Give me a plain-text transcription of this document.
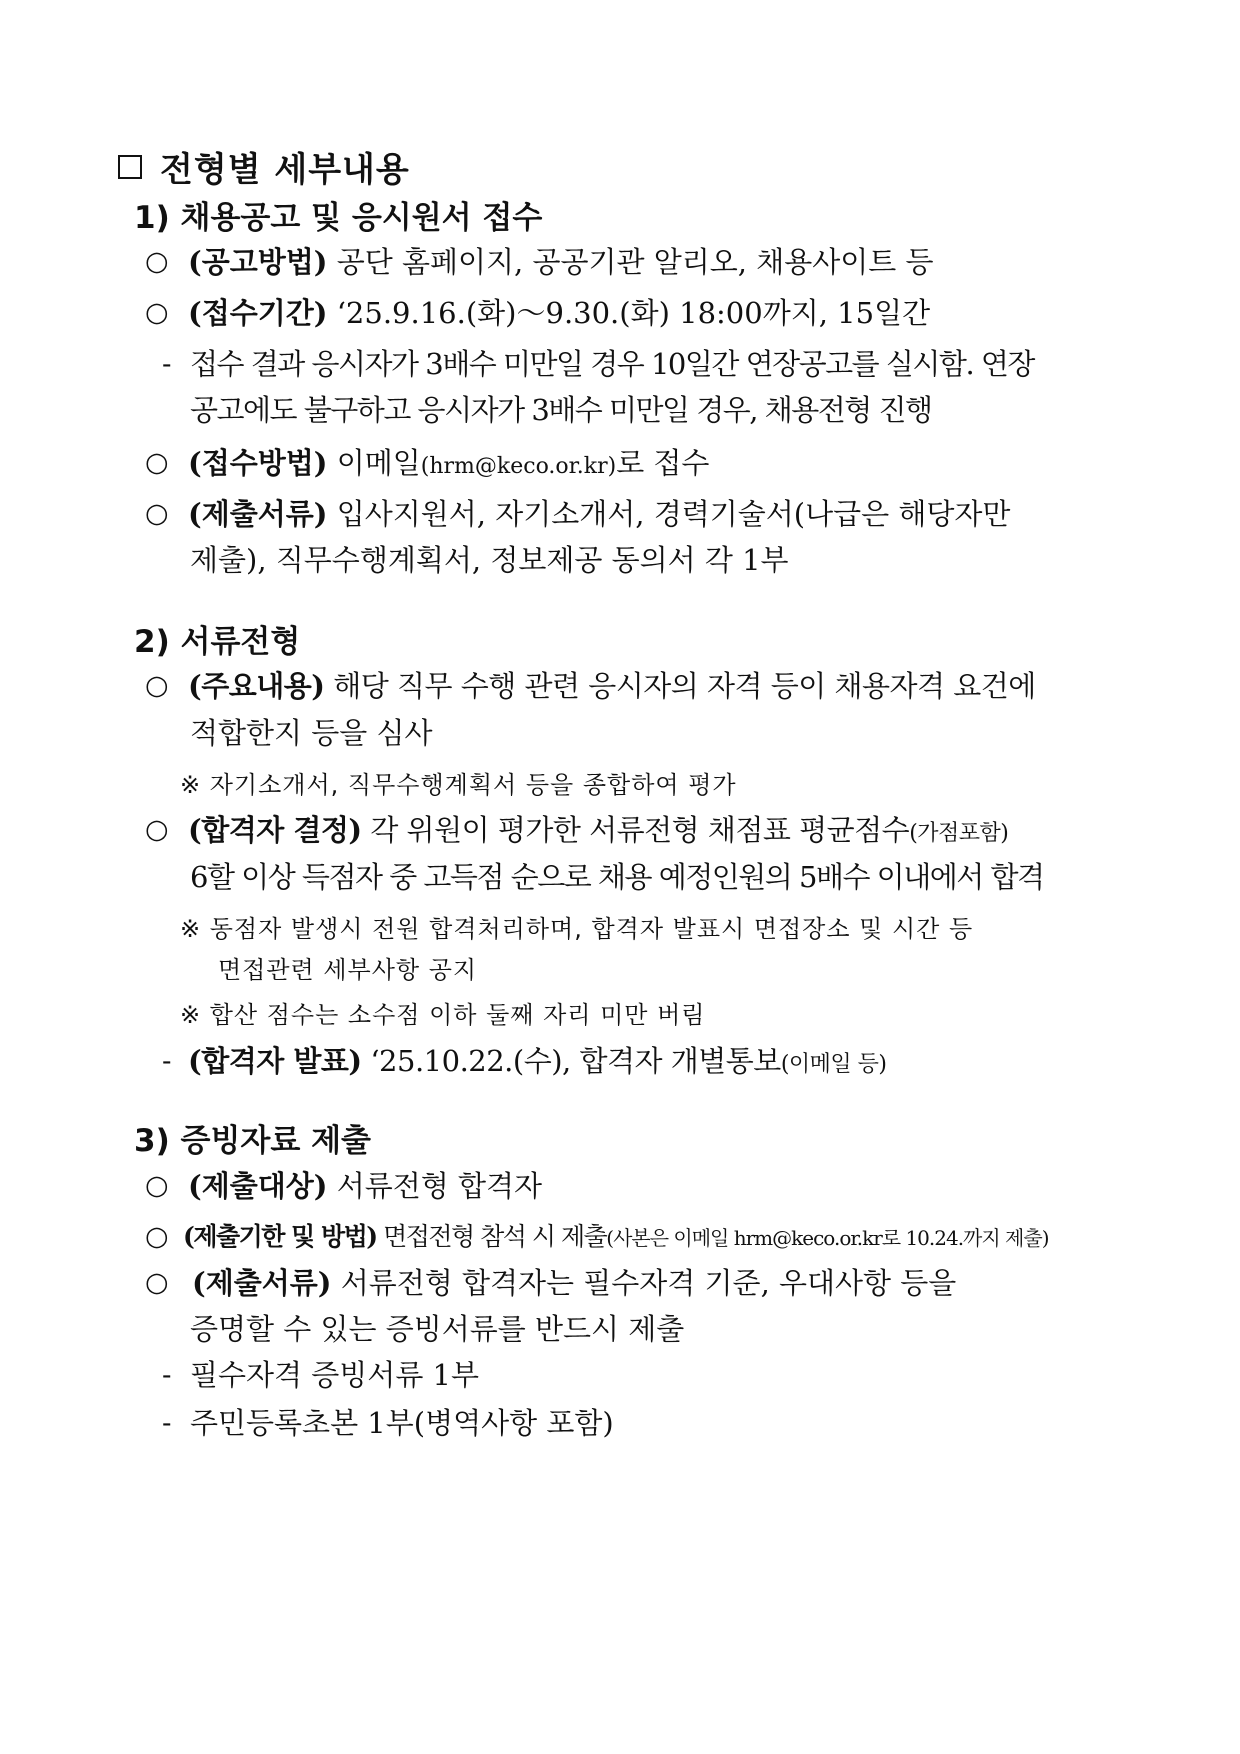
전형별 세부내용
1) 채용공고 및 응시원서 접수
○ (공고방법) 공단 홈페이지, 공공기관 알리오, 채용사이트 등
○ (접수기간) ‘25.9.16.(화)～9.30.(화) 18:00까지, 15일간
- 접수 결과 응시자가 3배수 미만일 경우 10일간 연장공고를 실시함. 연장
공고에도 불구하고 응시자가 3배수 미만일 경우, 채용전형 진행
○ (접수방법) 이메일(hrm@keco.or.kr)로 접수
○ (제출서류) 입사지원서, 자기소개서, 경력기술서(나급은 해당자만
제출), 직무수행계획서, 정보제공 동의서 각 1부
2) 서류전형
○ (주요내용) 해당 직무 수행 관련 응시자의 자격 등이 채용자격 요건에
적합한지 등을 심사
※ 자기소개서, 직무수행계획서 등을 종합하여 평가
○ (합격자 결정) 각 위원이 평가한 서류전형 채점표 평균점수(가점포함)
6할 이상 득점자 중 고득점 순으로 채용 예정인원의 5배수 이내에서 합격
※ 동점자 발생시 전원 합격처리하며, 합격자 발표시 면접장소 및 시간 등
면접관련 세부사항 공지
※ 합산 점수는 소수점 이하 둘째 자리 미만 버림
- (합격자 발표) ‘25.10.22.(수), 합격자 개별통보(이메일 등)
3) 증빙자료 제출
○ (제출대상) 서류전형 합격자
○ (제출기한 및 방법) 면접전형 참석 시 제출(사본은 이메일 hrm@keco.or.kr로 10.24.까지 제출)
○ (제출서류) 서류전형 합격자는 필수자격 기준, 우대사항 등을
증명할 수 있는 증빙서류를 반드시 제출
- 필수자격 증빙서류 1부
- 주민등록초본 1부(병역사항 포함)
